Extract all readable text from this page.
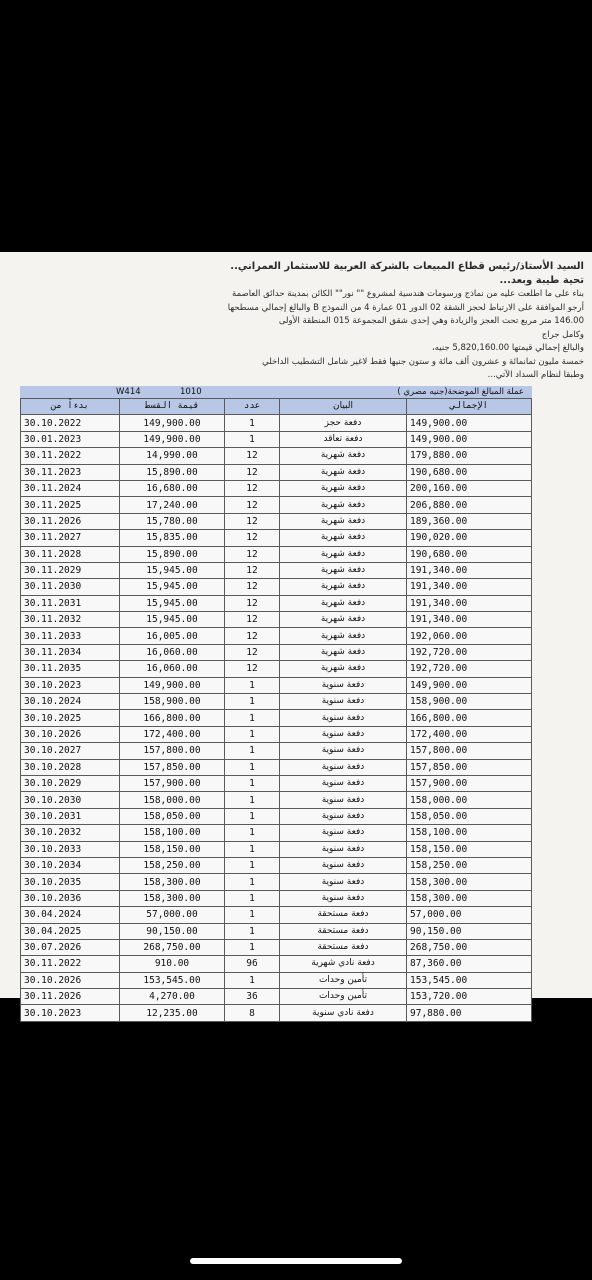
السيد الأستاذ/رئيس قطاع المبيعات بالشركة العربية للاستثمار العمراني..
تحية طيبة وبعد...
بناء على ما اطلعت عليه من نماذج ورسومات هندسية لمشروع "" نور"" الكائن بمدينة حدائق العاصمة
أرجو الموافقة على الارتباط لحجز الشقة 02 الدور 01 عمارة 4 من النموذج B والبالغ إجمالي مسطحها
146.00 متر مربع تحت العجز والزيادة وهي إحدى شقق المجموعة 015 المنطقة الأولى
وكامل جراج
والبالغ إجمالي قيمتها 5,820,160.00 جنيه،
خمسة مليون ثمانمائة و عشرون ألف مائة و ستون جنيها فقط لاغير شامل التشطيب الداخلي
وطبقا لنظام السداد الآتي...
W414	1010	عملة المبالغ الموضحة(جنيه مصري )
بدءاً من	قيمة القسط	عدد	البيان	الإجمالي
30.10.2022	149,900.00	1	دفعة حجز	149,900.00
30.01.2023	149,900.00	1	دفعة تعاقد	149,900.00
30.11.2022	14,990.00	12	دفعة شهرية	179,880.00
30.11.2023	15,890.00	12	دفعة شهرية	190,680.00
30.11.2024	16,680.00	12	دفعة شهرية	200,160.00
30.11.2025	17,240.00	12	دفعة شهرية	206,880.00
30.11.2026	15,780.00	12	دفعة شهرية	189,360.00
30.11.2027	15,835.00	12	دفعة شهرية	190,020.00
30.11.2028	15,890.00	12	دفعة شهرية	190,680.00
30.11.2029	15,945.00	12	دفعة شهرية	191,340.00
30.11.2030	15,945.00	12	دفعة شهرية	191,340.00
30.11.2031	15,945.00	12	دفعة شهرية	191,340.00
30.11.2032	15,945.00	12	دفعة شهرية	191,340.00
30.11.2033	16,005.00	12	دفعة شهرية	192,060.00
30.11.2034	16,060.00	12	دفعة شهرية	192,720.00
30.11.2035	16,060.00	12	دفعة شهرية	192,720.00
30.10.2023	149,900.00	1	دفعة سنوية	149,900.00
30.10.2024	158,900.00	1	دفعة سنوية	158,900.00
30.10.2025	166,800.00	1	دفعة سنوية	166,800.00
30.10.2026	172,400.00	1	دفعة سنوية	172,400.00
30.10.2027	157,800.00	1	دفعة سنوية	157,800.00
30.10.2028	157,850.00	1	دفعة سنوية	157,850.00
30.10.2029	157,900.00	1	دفعة سنوية	157,900.00
30.10.2030	158,000.00	1	دفعة سنوية	158,000.00
30.10.2031	158,050.00	1	دفعة سنوية	158,050.00
30.10.2032	158,100.00	1	دفعة سنوية	158,100.00
30.10.2033	158,150.00	1	دفعة سنوية	158,150.00
30.10.2034	158,250.00	1	دفعة سنوية	158,250.00
30.10.2035	158,300.00	1	دفعة سنوية	158,300.00
30.10.2036	158,300.00	1	دفعة سنوية	158,300.00
30.04.2024	57,000.00	1	دفعة مستحقة	57,000.00
30.04.2025	90,150.00	1	دفعة مستحقة	90,150.00
30.07.2026	268,750.00	1	دفعة مستحقة	268,750.00
30.11.2022	910.00	96	دفعة نادي شهرية	87,360.00
30.10.2026	153,545.00	1	تأمين وحدات	153,545.00
30.11.2026	4,270.00	36	تأمين وحدات	153,720.00
30.10.2023	12,235.00	8	دفعة نادي سنوية	97,880.00
